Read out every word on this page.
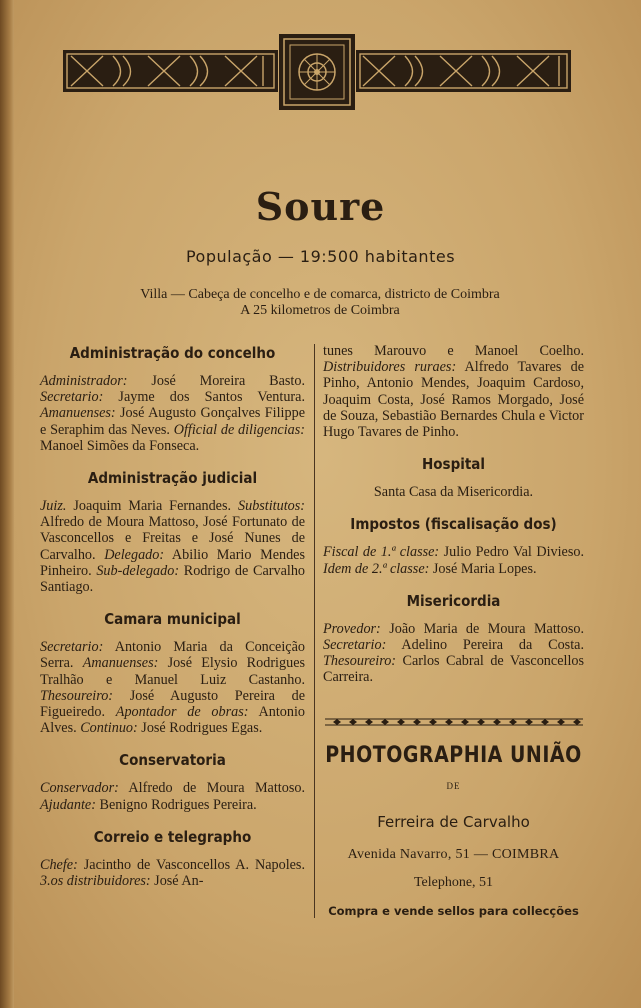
Soure
População — 19:500 habitantes
Villa — Cabeça de concelho e de comarca, districto de Coimbra
A 25 kilometros de Coimbra
Administração do concelho

Administrador: José Moreira Basto. Secretario: Jayme dos Santos Ventura. Amanuenses: José Augusto Gonçalves Filippe e Seraphim das Neves. Official de diligencias: Manoel Simões da Fonseca.

Administração judicial

Juiz. Joaquim Maria Fernandes. Substitutos: Alfredo de Moura Mattoso, José Fortunato de Vasconcellos e Freitas e José Nunes de Carvalho. Delegado: Abilio Mario Mendes Pinheiro. Sub-delegado: Rodrigo de Carvalho Santiago.

Camara municipal

Secretario: Antonio Maria da Conceição Serra. Amanuenses: José Elysio Rodrigues Tralhão e Manuel Luiz Castanho. Thesoureiro: José Augusto Pereira de Figueiredo. Apontador de obras: Antonio Alves. Continuo: José Rodrigues Egas.

Conservatoria

Conservador: Alfredo de Moura Mattoso. Ajudante: Benigno Rodrigues Pereira.

Correio e telegrapho

Chefe: Jacintho de Vasconcellos A. Napoles. 3.os distribuidores: José An-

tunes Marouvo e Manoel Coelho. Distribuidores ruraes: Alfredo Tavares de Pinho, Antonio Mendes, Joaquim Cardoso, Joaquim Costa, José Ramos Morgado, José de Souza, Sebastião Bernardes Chula e Victor Hugo Tavares de Pinho.

Hospital

Santa Casa da Misericordia.

Impostos (fiscalisação dos)

Fiscal de 1.ª classe: Julio Pedro Val Divieso. Idem de 2.ª classe: José Maria Lopes.

Misericordia

Provedor: João Maria de Moura Mattoso. Secretario: Adelino Pereira da Costa. Thesoureiro: Carlos Cabral de Vasconcellos Carreira.

PHOTOGRAPHIA UNIÃO
DE
Ferreira de Carvalho
Avenida Navarro, 51 — COIMBRA
Telephone, 51
Compra e vende sellos para collecções
